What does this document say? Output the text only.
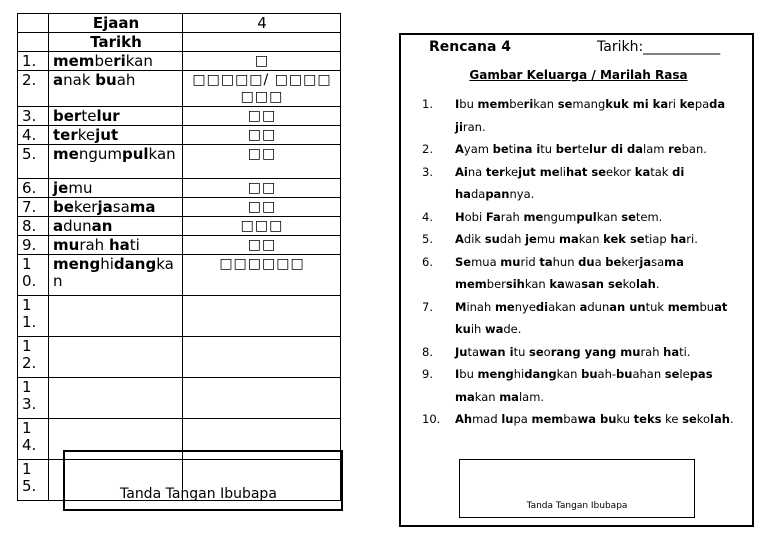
	Ejaan	4
	Tarikh	
1.	memberikan	□
2.	anak buah	□□□□□/ □□□□□□□
3.	bertelur	□□
4.	terkejut	□□
5.	mengumpulkan	□□
6.	jemu	□□
7.	bekerjasama	□□
8.	adunan	□□□
9.	murah hati	□□
10.	menghidangkan	□□□□□□
11.		
12.		
13.		
14.		
15.			Tanda Tangan Ibubapa
Rencana 4	Tarikh:___________
Gambar Keluarga / Marilah Rasa
1. Ibu memberikan semangkuk mi kari kepada jiran.
2. Ayam betina itu bertelur di dalam reban.
3. Aina terkejut melihat seekor katak di hadapannya.
4. Hobi Farah mengumpulkan setem.
5. Adik sudah jemu makan kek setiap hari.
6. Semua murid tahun dua bekerjasama membersihkan kawasan sekolah.
7. Minah menyediakan adunan untuk membuat kuih wade.
8. Jutawan itu seorang yang murah hati.
9. Ibu menghidangkan buah-buahan selepas makan malam.
10. Ahmad lupa membawa buku teks ke sekolah.
Tanda Tangan Ibubapa
